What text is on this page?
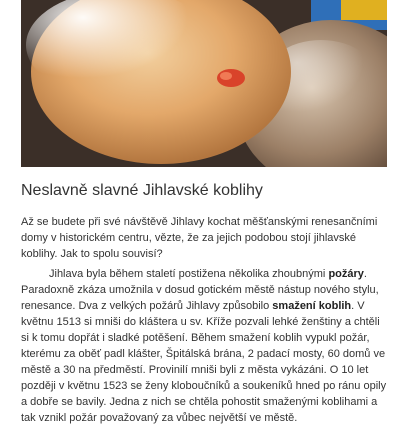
Neslavně slavné Jihlavské koblihy

Až se budete při své návštěvě Jihlavy kochat měšťanskými renesančními domy v historickém centru, vězte, že za jejich podobou stojí jihlavské koblihy. Jak to spolu souvisí?

Jihlava byla během staletí postižena několika zhoubnými požáry. Paradoxně zkáza umožnila v dosud gotickém městě nástup nového stylu, renesance. Dva z velkých požárů Jihlavy způsobilo smažení koblih. V květnu 1513 si mniši do kláštera u sv. Kříže pozvali lehké ženštiny a chtěli si k tomu dopřát i sladké potěšení. Během smažení koblih vypukl požár, kterému za oběť padl klášter, Špitálská brána, 2 padací mosty, 60 domů ve městě a 30 na předměstí. Provinilí mniši byli z města vykázáni. O 10 let později v květnu 1523 se ženy kloboučníků a soukeníků hned po ránu opily a dobře se bavily. Jedna z nich se chtěla pohostit smaženými koblihami a tak vznikl požár považovaný za vůbec největší ve městě.
